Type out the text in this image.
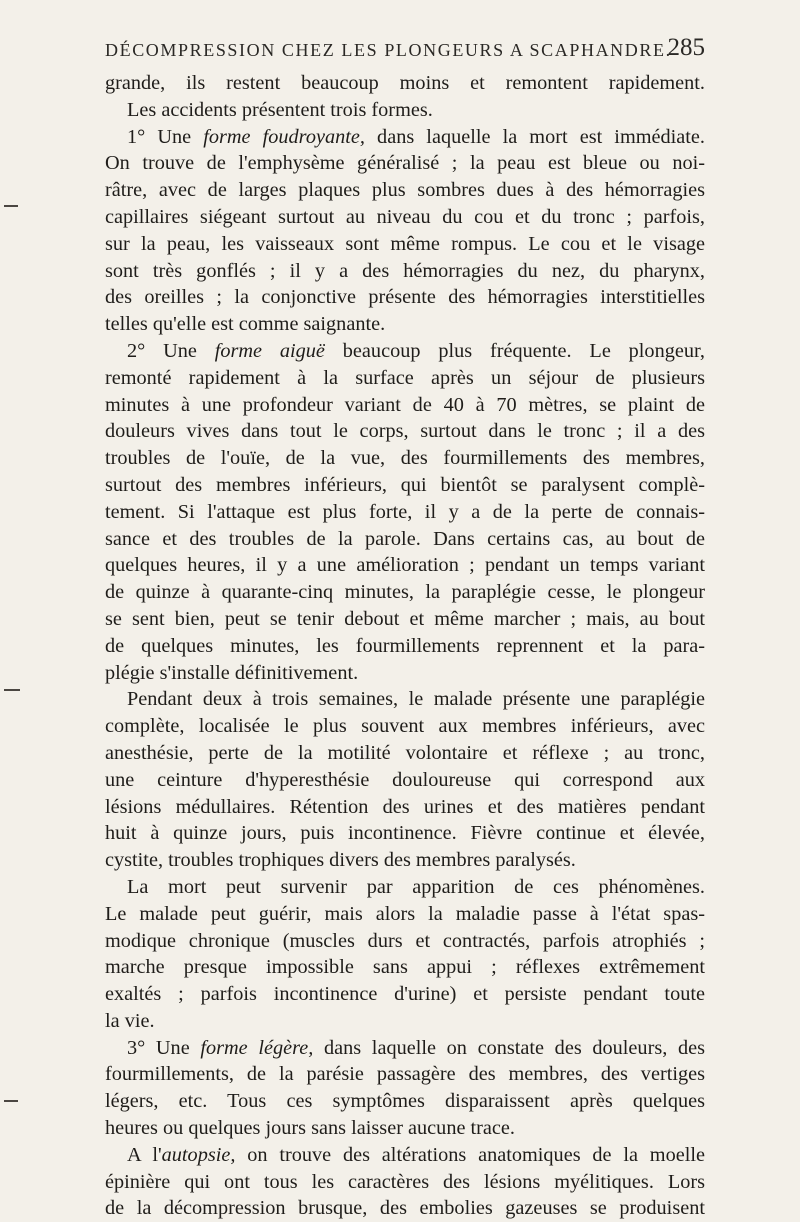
DÉCOMPRESSION CHEZ LES PLONGEURS A SCAPHANDRE.
285
grande, ils restent beaucoup moins et remontent rapidement.
Les accidents présentent trois formes.
1° Une forme foudroyante, dans laquelle la mort est immédiate.
On trouve de l'emphysème généralisé ; la peau est bleue ou noi-
râtre, avec de larges plaques plus sombres dues à des hémorragies
capillaires siégeant surtout au niveau du cou et du tronc ; parfois,
sur la peau, les vaisseaux sont même rompus. Le cou et le visage
sont très gonflés ; il y a des hémorragies du nez, du pharynx,
des oreilles ; la conjonctive présente des hémorragies interstitielles
telles qu'elle est comme saignante.
2° Une forme aiguë beaucoup plus fréquente. Le plongeur,
remonté rapidement à la surface après un séjour de plusieurs
minutes à une profondeur variant de 40 à 70 mètres, se plaint de
douleurs vives dans tout le corps, surtout dans le tronc ; il a des
troubles de l'ouïe, de la vue, des fourmillements des membres,
surtout des membres inférieurs, qui bientôt se paralysent complè-
tement. Si l'attaque est plus forte, il y a de la perte de connais-
sance et des troubles de la parole. Dans certains cas, au bout de
quelques heures, il y a une amélioration ; pendant un temps variant
de quinze à quarante-cinq minutes, la paraplégie cesse, le plongeur
se sent bien, peut se tenir debout et même marcher ; mais, au bout
de quelques minutes, les fourmillements reprennent et la para-
plégie s'installe définitivement.
Pendant deux à trois semaines, le malade présente une paraplégie
complète, localisée le plus souvent aux membres inférieurs, avec
anesthésie, perte de la motilité volontaire et réflexe ; au tronc,
une ceinture d'hyperesthésie douloureuse qui correspond aux
lésions médullaires. Rétention des urines et des matières pendant
huit à quinze jours, puis incontinence. Fièvre continue et élevée,
cystite, troubles trophiques divers des membres paralysés.
La mort peut survenir par apparition de ces phénomènes.
Le malade peut guérir, mais alors la maladie passe à l'état spas-
modique chronique (muscles durs et contractés, parfois atrophiés ;
marche presque impossible sans appui ; réflexes extrêmement
exaltés ; parfois incontinence d'urine) et persiste pendant toute
la vie.
3° Une forme légère, dans laquelle on constate des douleurs, des
fourmillements, de la parésie passagère des membres, des vertiges
légers, etc. Tous ces symptômes disparaissent après quelques
heures ou quelques jours sans laisser aucune trace.
A l'autopsie, on trouve des altérations anatomiques de la moelle
épinière qui ont tous les caractères des lésions myélitiques. Lors
de la décompression brusque, des embolies gazeuses se produisent
